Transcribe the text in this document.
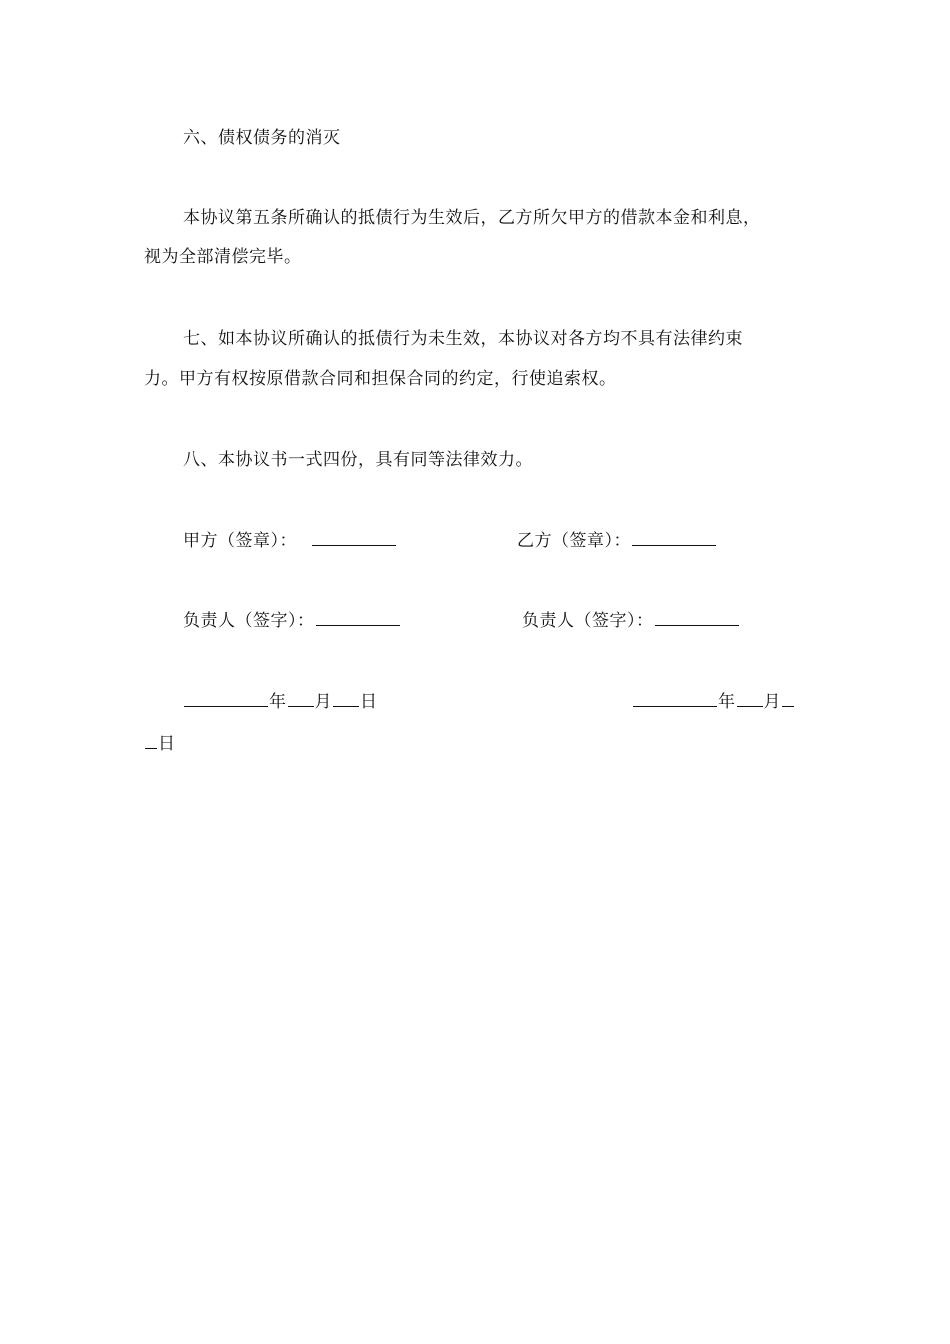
六、债权债务的消灭
本协议第五条所确认的抵债行为生效后，乙方所欠甲方的借款本金和利息，
视为全部清偿完毕。
七、如本协议所确认的抵债行为未生效，本协议对各方均不具有法律约束
力。甲方有权按原借款合同和担保合同的约定，行使追索权。
八、本协议书一式四份，具有同等法律效力。
甲方（签章）：	乙方（签章）：
负责人（签字）：	负责人（签字）：
年 月 日	年 月
日
